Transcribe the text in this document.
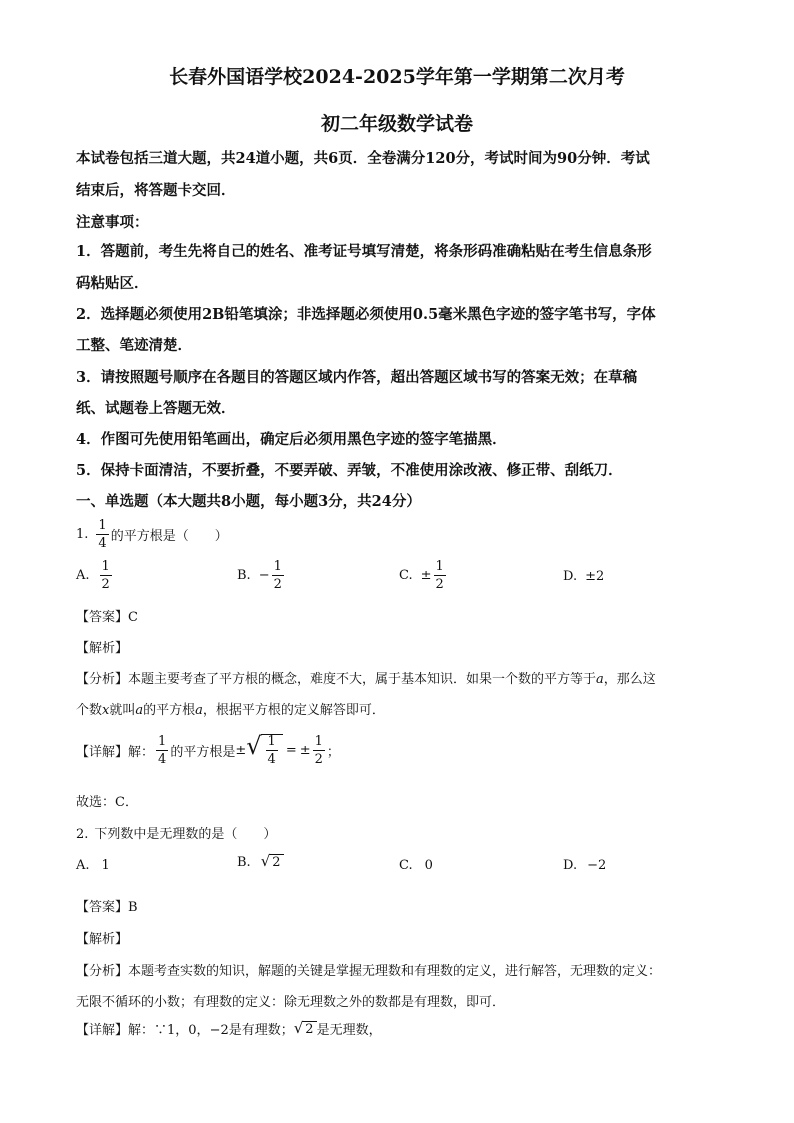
长春外国语学校2024-2025学年第一学期第二次月考
初二年级数学试卷
本试卷包括三道大题，共24道小题，共6页．全卷满分120分，考试时间为90分钟．考试
结束后，将答题卡交回．
注意事项：
1．答题前，考生先将自己的姓名、准考证号填写清楚，将条形码准确粘贴在考生信息条形
码粘贴区．
2．选择题必须使用2B铅笔填涂；非选择题必须使用0.5毫米黑色字迹的签字笔书写，字体
工整、笔迹清楚．
3．请按照题号顺序在各题目的答题区域内作答，超出答题区域书写的答案无效；在草稿
纸、试题卷上答题无效．
4．作图可先使用铅笔画出，确定后必须用黑色字迹的签字笔描黑．
5．保持卡面清洁，不要折叠，不要弄破、弄皱，不准使用涂改液、修正带、刮纸刀．
一、单选题（本大题共8小题，每小题3分，共24分）
1. $\frac{1}{4}$ 的平方根是（　　）
A. $\frac{1}{2}$	B. − $\frac{1}{2}$	C. ± $\frac{1}{2}$	D. ±2
【答案】C
【解析】
【分析】本题主要考查了平方根的概念，难度不大，属于基本知识．如果一个数的平方等于a，那么这
个数x就叫a的平方根a，根据平方根的定义解答即可．
【详解】 解： $\frac{1}{4}$ 的平方根是 ± √ $\frac{1}{4}$ = ± $\frac{1}{2}$ ；
故选：C．
2. 下列数中是无理数的是（　　）
A. 1	B. √ 2	C. 0	D. −2
【答案】B
【解析】
【分析】本题考查实数的知识，解题的关键是掌握无理数和有理数的定义，进行解答，无理数的定义：
无限不循环的小数；有理数的定义：除无理数之外的数都是有理数，即可．
【详解】 解：∵1，0， −2是有理数； √ 2 是无理数，
